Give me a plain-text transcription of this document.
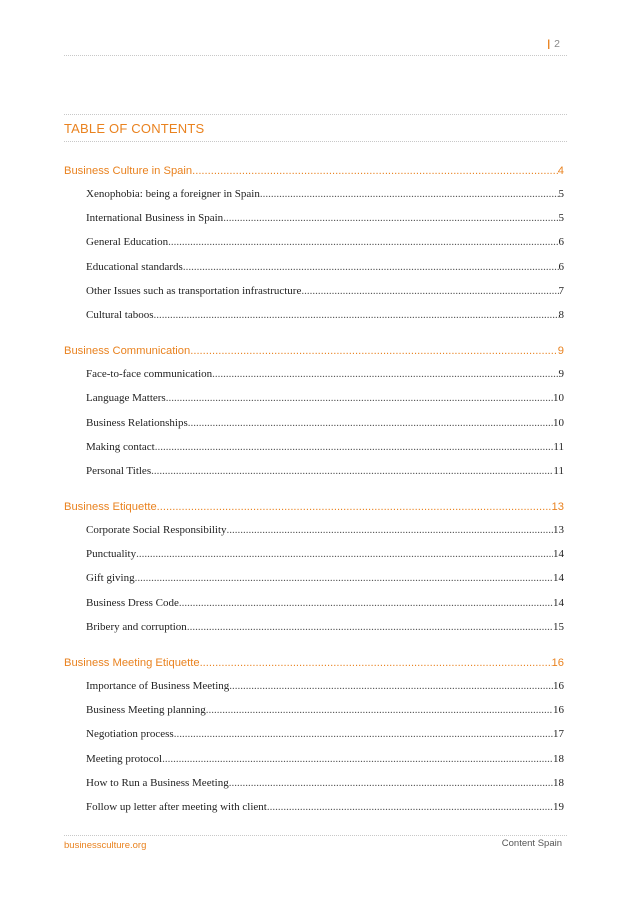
| 2
TABLE OF CONTENTS
Business Culture in Spain .....	4
Xenophobia: being a foreigner in Spain .....	5
International Business in Spain .....	5
General Education .....	6
Educational standards .....	6
Other Issues such as transportation infrastructure .....	7
Cultural taboos .....	8
Business Communication .....	9
Face-to-face communication .....	9
Language Matters .....	10
Business Relationships .....	10
Making contact .....	11
Personal Titles .....	11
Business Etiquette .....	13
Corporate Social Responsibility .....	13
Punctuality .....	14
Gift giving .....	14
Business Dress Code .....	14
Bribery and corruption .....	15
Business Meeting Etiquette .....	16
Importance of Business Meeting .....	16
Business Meeting planning .....	16
Negotiation process .....	17
Meeting protocol .....	18
How to Run a Business Meeting .....	18
Follow up letter after meeting with client .....	19
businessculture.org	Content Spain
